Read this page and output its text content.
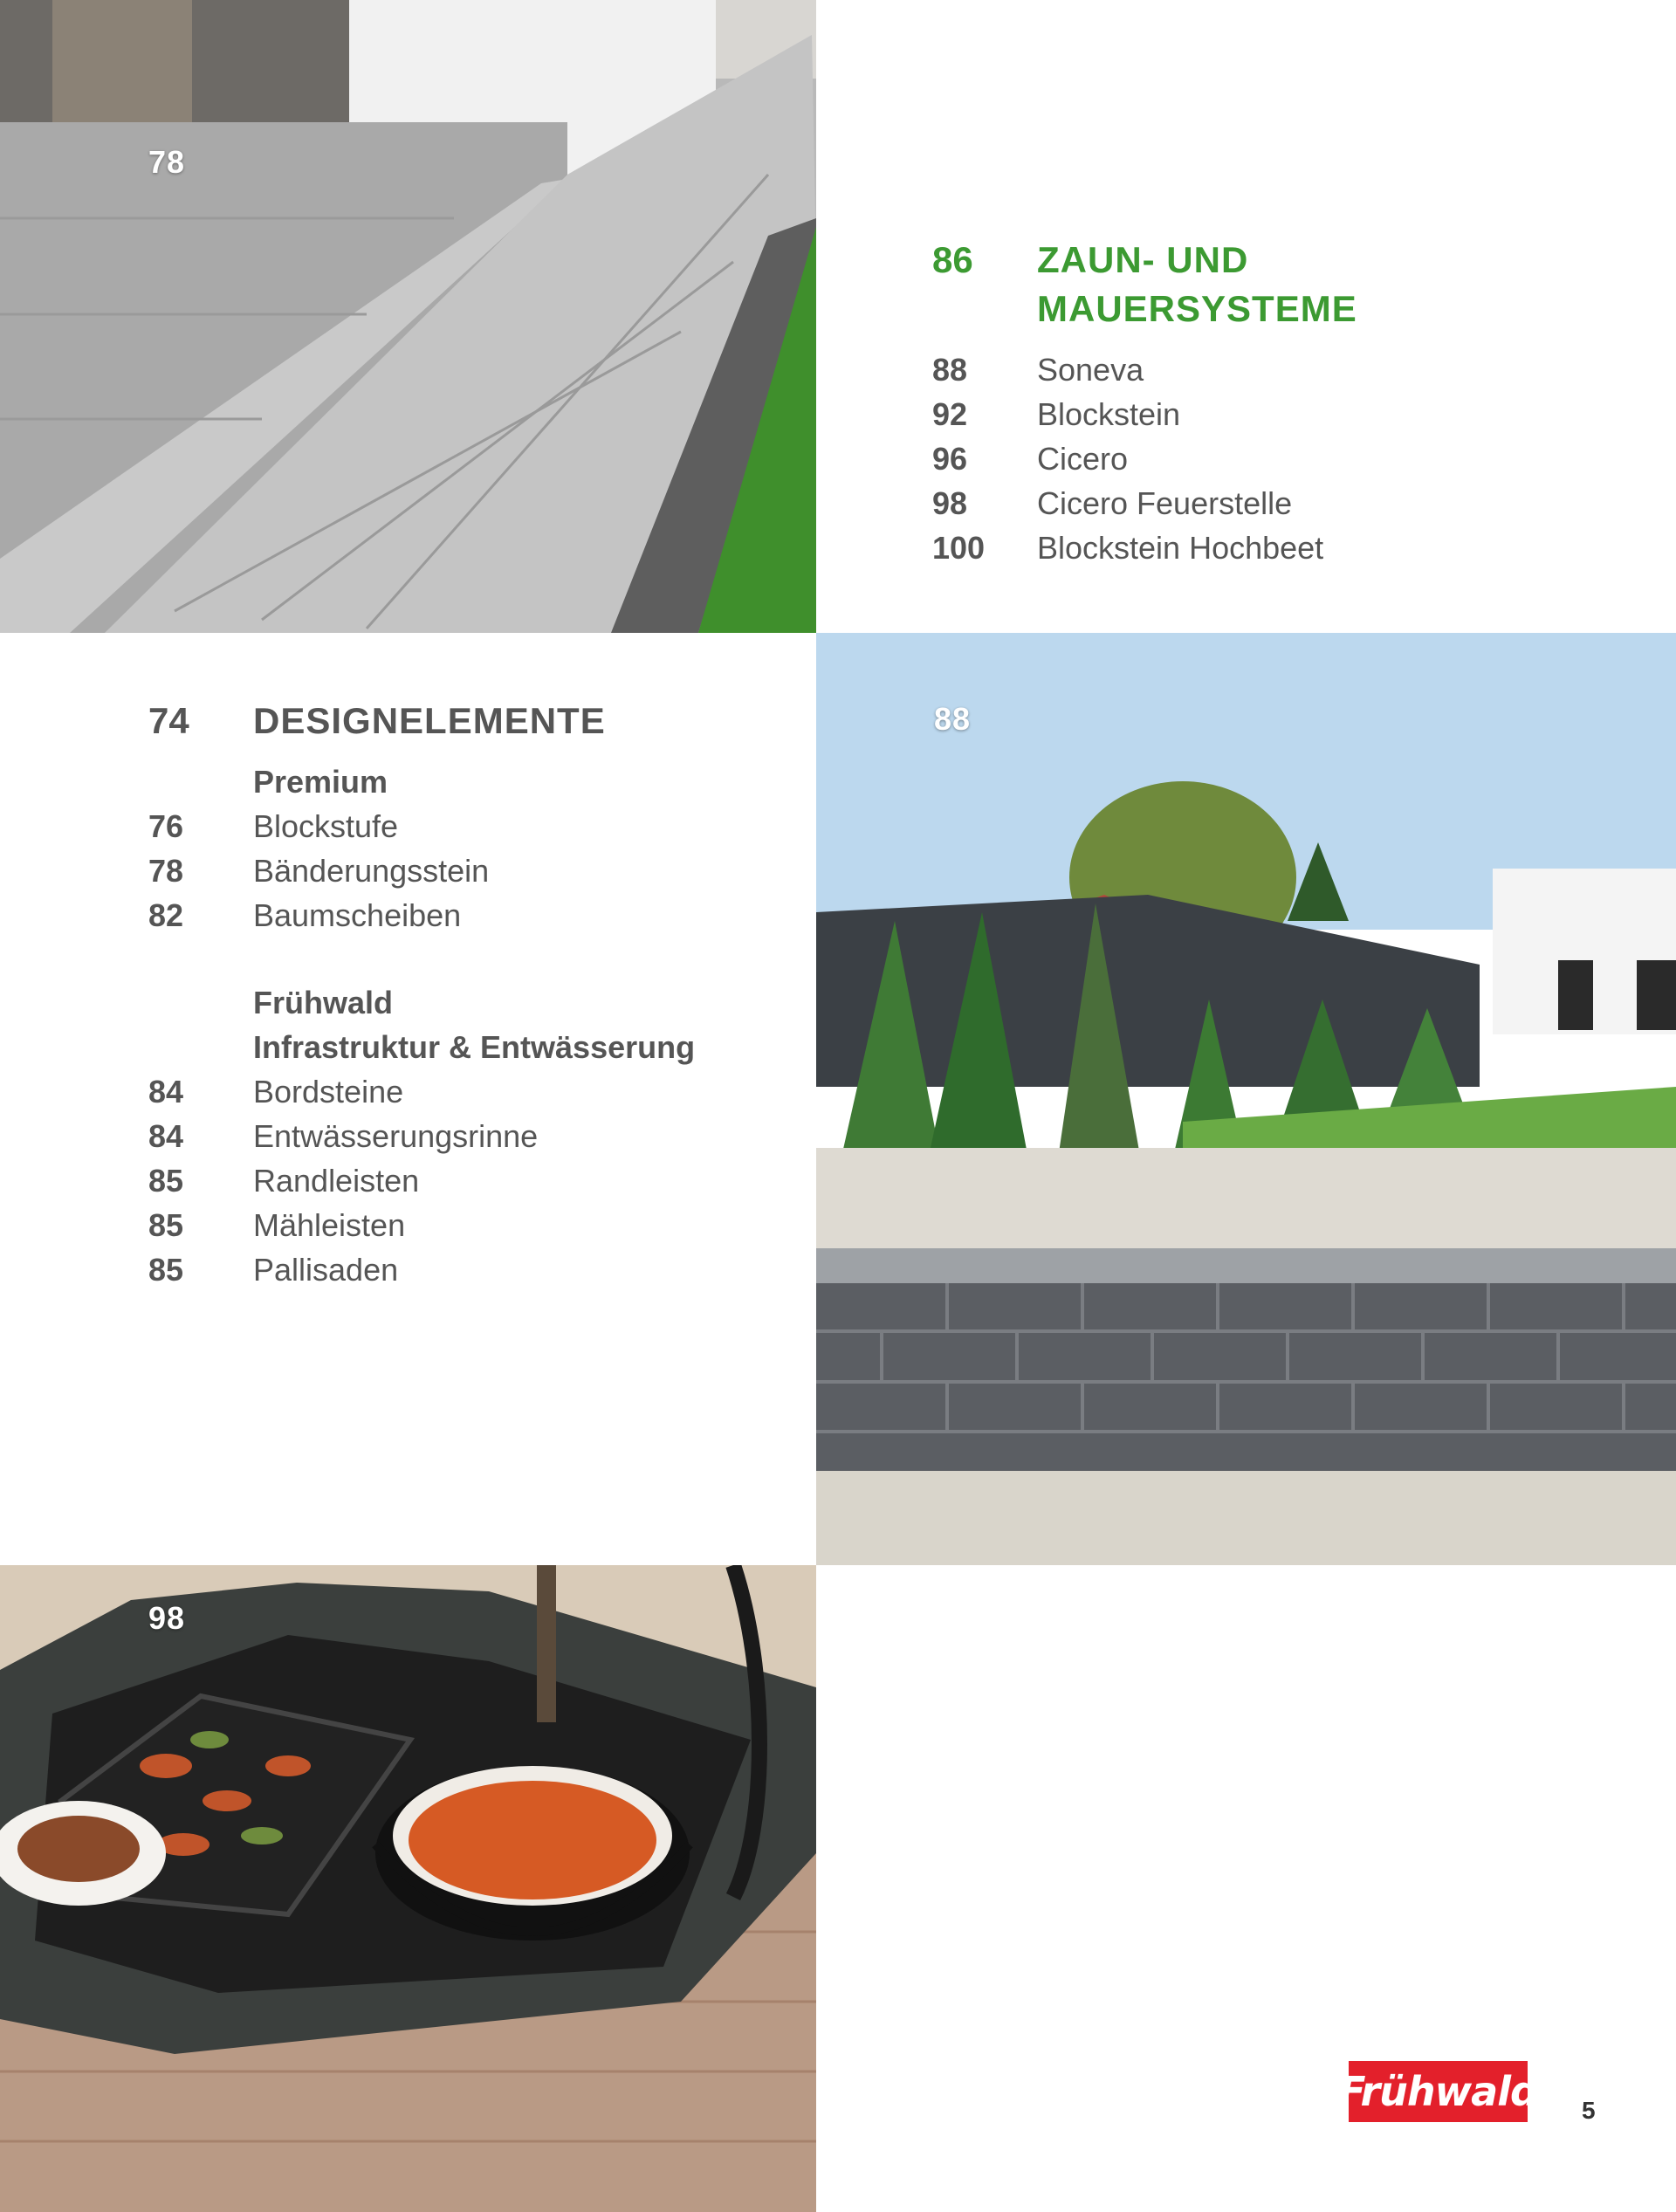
78
86	ZAUN- UND
MAUERSYSTEME
88	Soneva
92	Blockstein
96	Cicero
98	Cicero Feuerstelle
100	Blockstein Hochbeet
74	DESIGNELEMENTE
Premium
76	Blockstufe
78	Bänderungsstein
82	Baumscheiben
Frühwald
Infrastruktur & Entwässerung
84	Bordsteine
84	Entwässerungsrinne
85	Randleisten
85	Mähleisten
85	Pallisaden
88
98
Frühwald 5
